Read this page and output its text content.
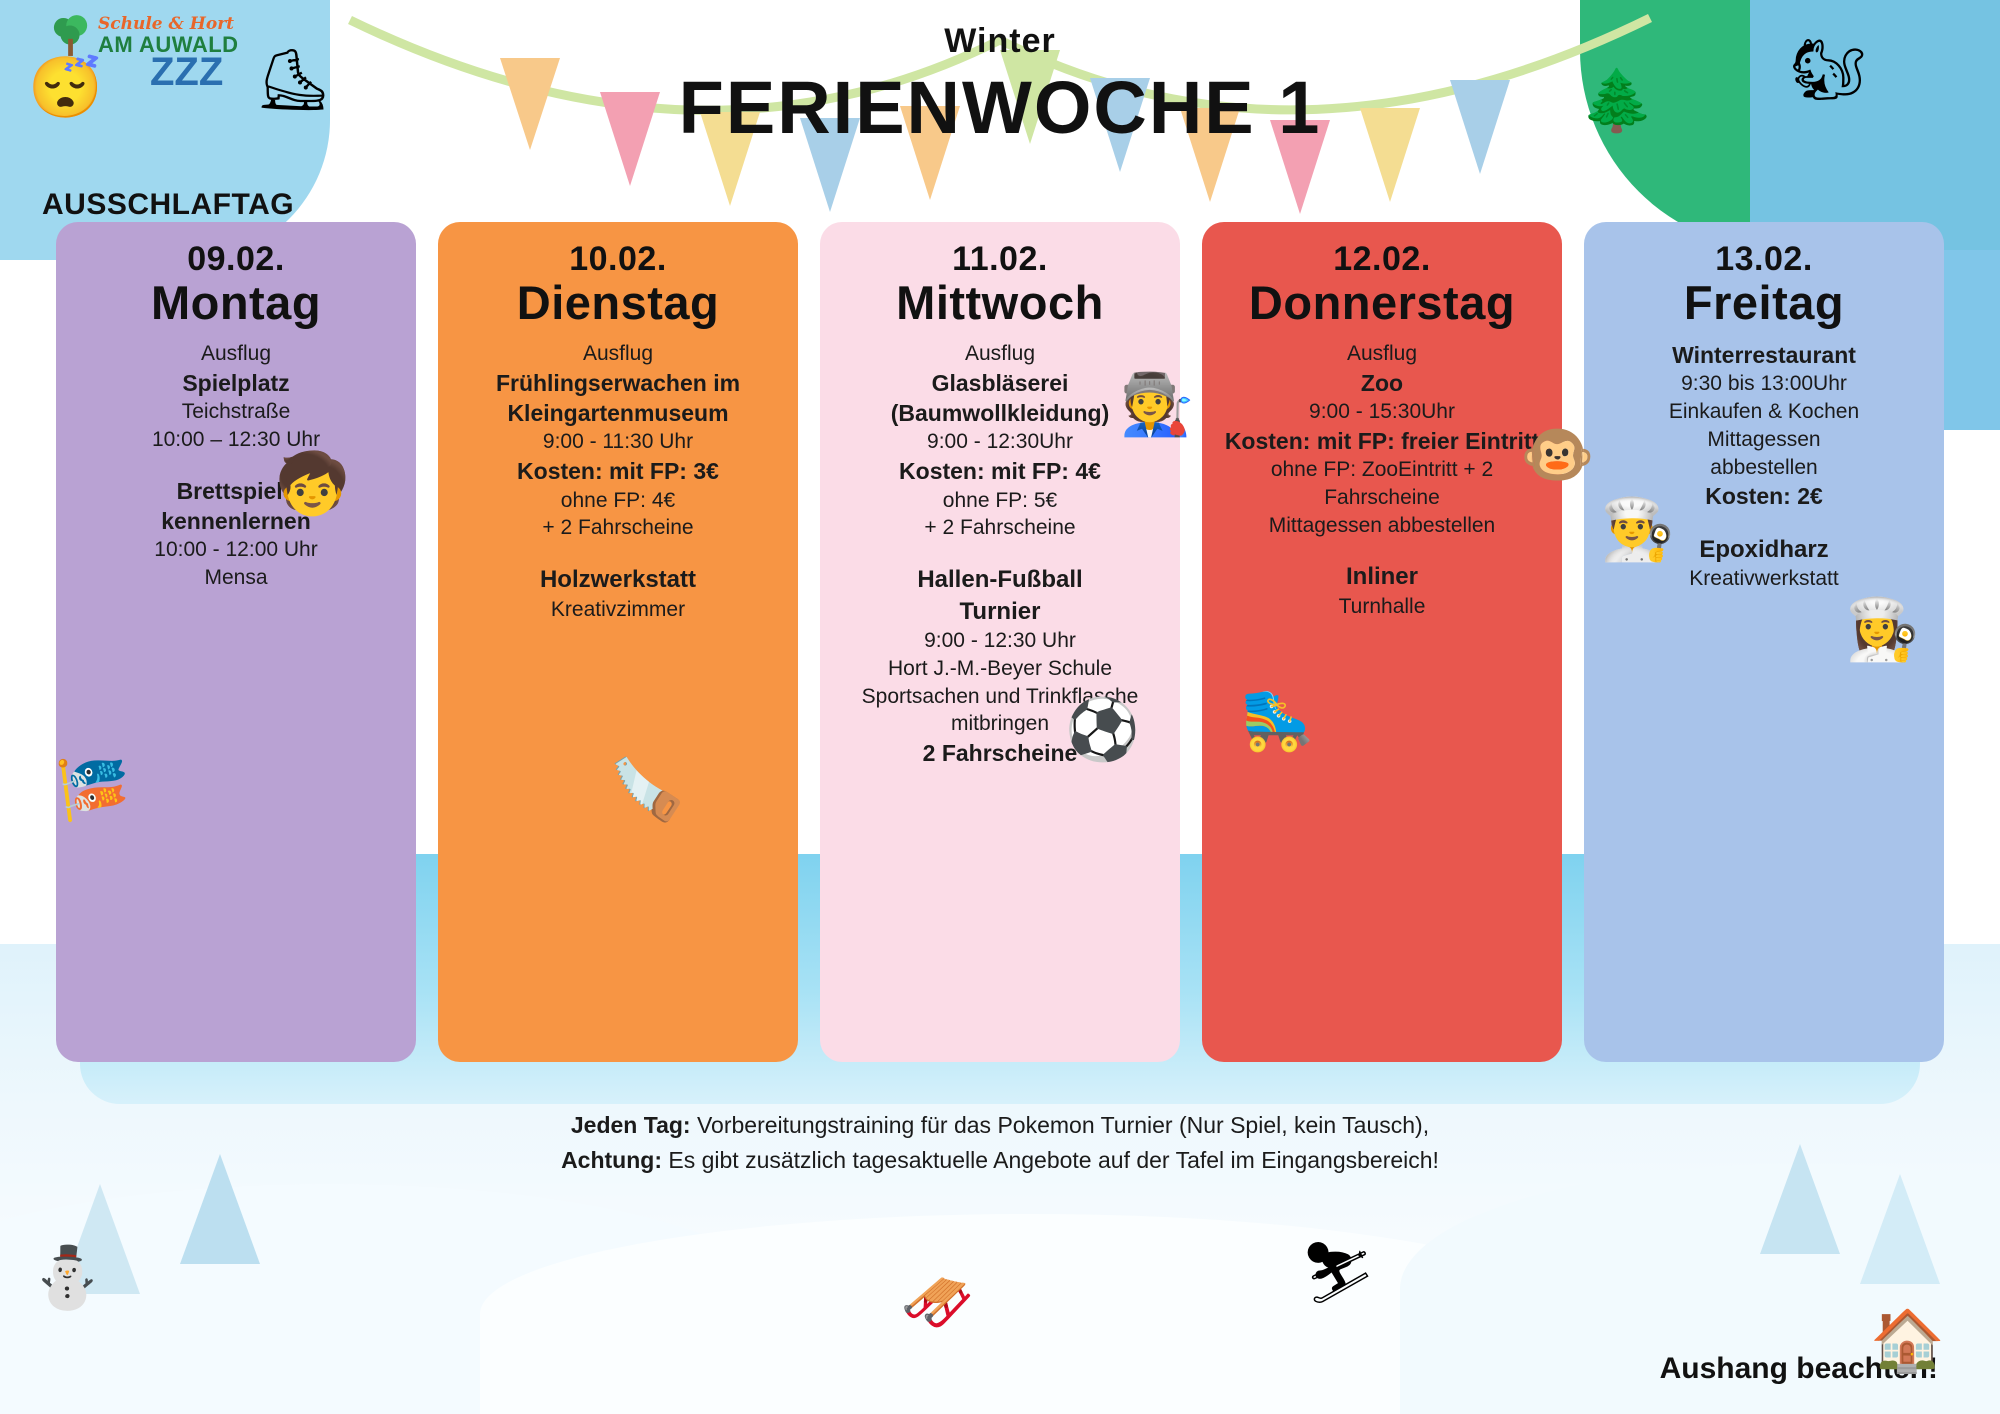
Schule & Hort
AM AUWALD	Winter
FERIENWOCHE 1
AUSSCHLAFTAG
09.02.
Montag
Ausflug
Spielplatz
Teichstraße
10:00 – 12:30 Uhr
Brettspiele
kennenlernen
10:00 - 12:00 Uhr
Mensa
10.02.
Dienstag
Ausflug
Frühlingserwachen im
Kleingartenmuseum
9:00 - 11:30 Uhr
Kosten: mit FP: 3€
ohne FP: 4€
+ 2 Fahrscheine
Holzwerkstatt
Kreativzimmer
11.02.
Mittwoch
Ausflug
Glasbläserei
(Baumwollkleidung)
9:00 - 12:30Uhr
Kosten: mit FP: 4€
ohne FP: 5€
+ 2 Fahrscheine
Hallen-Fußball
Turnier
9:00 - 12:30 Uhr
Hort J.-M.-Beyer Schule
Sportsachen und Trinkflasche
mitbringen
2 Fahrscheine
12.02.
Donnerstag
Ausflug
Zoo
9:00 - 15:30Uhr
Kosten: mit FP: freier Eintritt
ohne FP: ZooEintritt + 2
Fahrscheine
Mittagessen abbestellen
Inliner
Turnhalle
13.02.
Freitag
Winterrestaurant
9:30 bis 13:00Uhr
Einkaufen & Kochen
Mittagessen
abbestellen
Kosten: 2€
Epoxidharz
Kreativwerkstatt
😴 ZZZ ⛸	🌲 🐿
🧒
🎏	🪚
🧑‍🏭
⚽
🐵
🛼
👨‍🍳
👩‍🍳
⛄	🛷	⛷
🏠
Jeden Tag: Vorbereitungstraining für das Pokemon Turnier (Nur Spiel, kein Tausch),
Achtung: Es gibt zusätzlich tagesaktuelle Angebote auf der Tafel im Eingangsbereich!
Aushang beachten!
